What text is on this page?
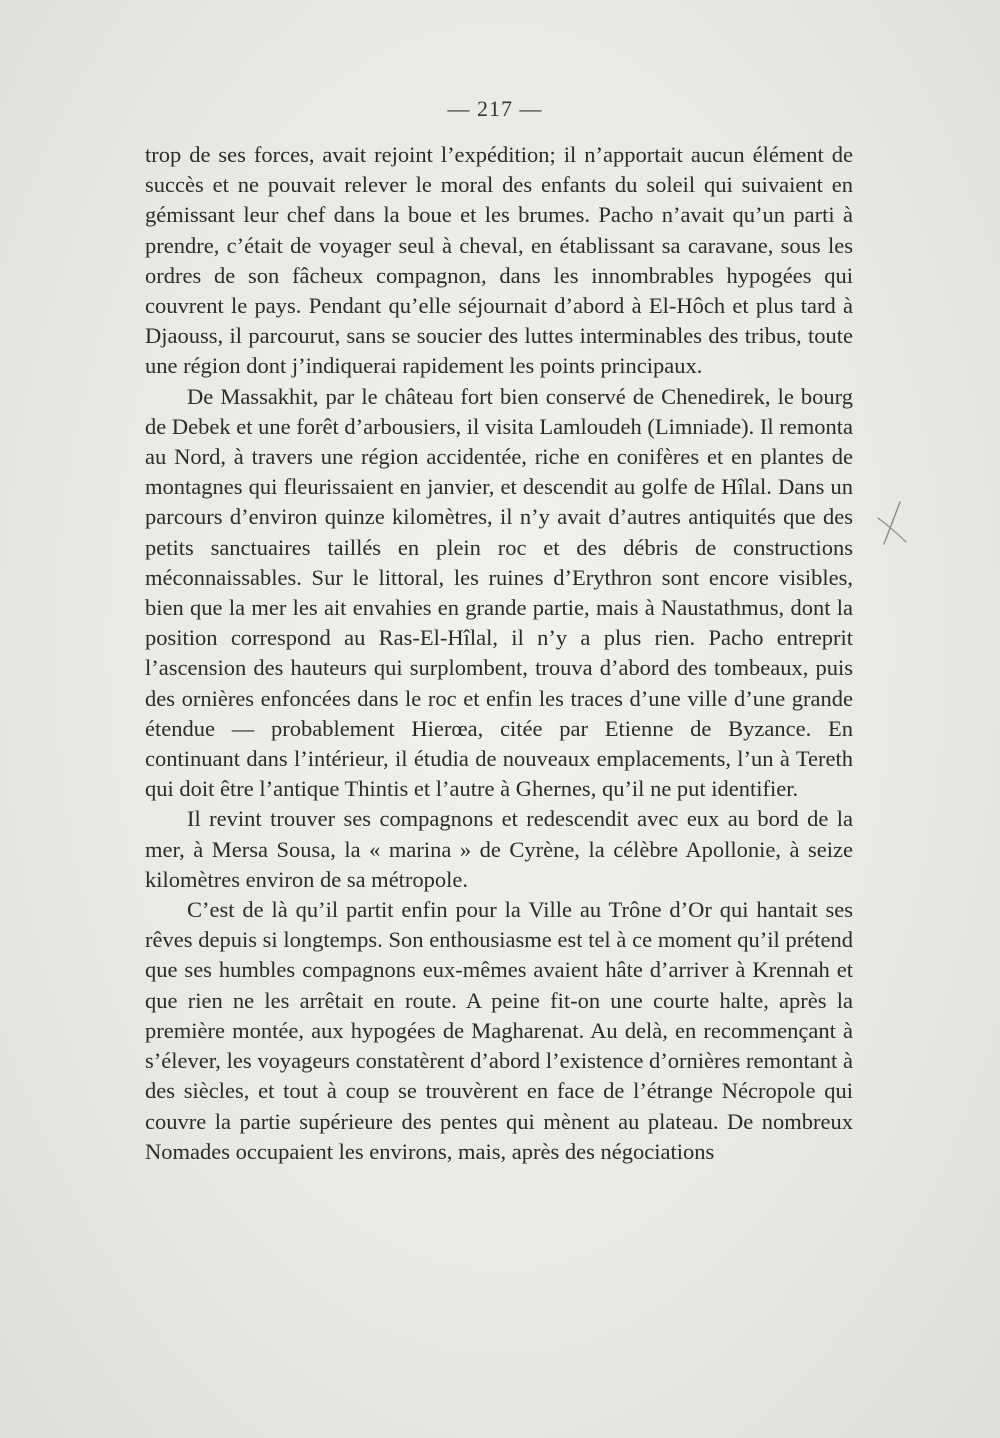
— 217 —

trop de ses forces, avait rejoint l’expédition; il n’apportait aucun élément de succès et ne pouvait relever le moral des enfants du soleil qui suivaient en gémissant leur chef dans la boue et les brumes. Pacho n’avait qu’un parti à prendre, c’était de voyager seul à cheval, en établissant sa caravane, sous les ordres de son fâcheux compagnon, dans les innombrables hypogées qui couvrent le pays. Pendant qu’elle séjournait d’abord à El-Hôch et plus tard à Djaouss, il parcourut, sans se soucier des luttes interminables des tribus, toute une région dont j’indiquerai rapidement les points principaux.

De Massakhit, par le château fort bien conservé de Chenedirek, le bourg de Debek et une forêt d’arbousiers, il visita Lamloudeh (Limniade). Il remonta au Nord, à travers une région accidentée, riche en conifères et en plantes de montagnes qui fleurissaient en janvier, et descendit au golfe de Hîlal. Dans un parcours d’environ quinze kilomètres, il n’y avait d’autres antiquités que des petits sanctuaires taillés en plein roc et des débris de constructions méconnaissables. Sur le littoral, les ruines d’Erythron sont encore visibles, bien que la mer les ait envahies en grande partie, mais à Naustathmus, dont la position correspond au Ras-El-Hîlal, il n’y a plus rien. Pacho entreprit l’ascension des hauteurs qui surplombent, trouva d’abord des tombeaux, puis des ornières enfoncées dans le roc et enfin les traces d’une ville d’une grande étendue — probablement Hierœa, citée par Etienne de Byzance. En continuant dans l’intérieur, il étudia de nouveaux emplacements, l’un à Tereth qui doit être l’antique Thintis et l’autre à Ghernes, qu’il ne put identifier.

Il revint trouver ses compagnons et redescendit avec eux au bord de la mer, à Mersa Sousa, la « marina » de Cyrène, la célèbre Apollonie, à seize kilomètres environ de sa métropole.

C’est de là qu’il partit enfin pour la Ville au Trône d’Or qui hantait ses rêves depuis si longtemps. Son enthousiasme est tel à ce moment qu’il prétend que ses humbles compagnons eux-mêmes avaient hâte d’arriver à Krennah et que rien ne les arrêtait en route. A peine fit-on une courte halte, après la première montée, aux hypogées de Magharenat. Au delà, en recommençant à s’élever, les voyageurs constatèrent d’abord l’existence d’ornières remontant à des siècles, et tout à coup se trouvèrent en face de l’étrange Nécropole qui couvre la partie supérieure des pentes qui mènent au plateau. De nombreux Nomades occupaient les environs, mais, après des négociations
